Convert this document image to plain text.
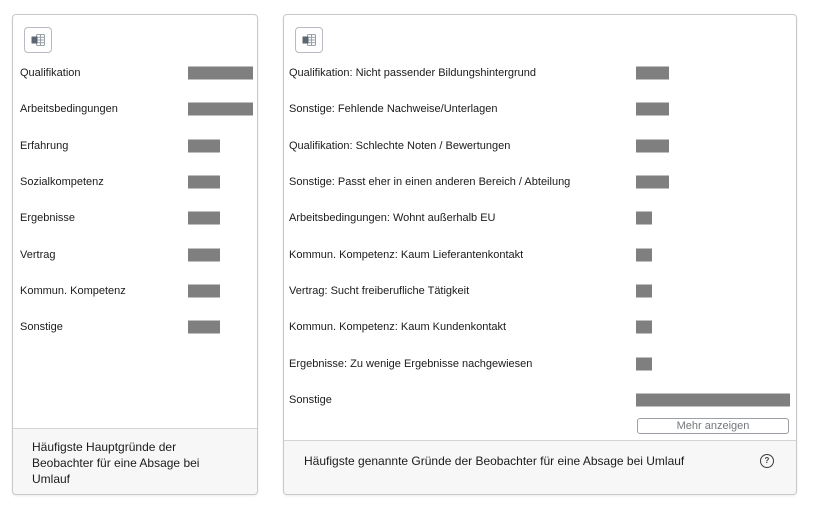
Qualifikation
Arbeitsbedingungen
Erfahrung
Sozialkompetenz
Ergebnisse
Vertrag
Kommun. Kompetenz
Sonstige
Häufigste Hauptgründe der Beobachter für eine Absage bei Umlauf
Qualifikation: Nicht passender Bildungshintergrund
Sonstige: Fehlende Nachweise/Unterlagen
Qualifikation: Schlechte Noten / Bewertungen
Sonstige: Passt eher in einen anderen Bereich / Abteilung
Arbeitsbedingungen: Wohnt außerhalb EU
Kommun. Kompetenz: Kaum Lieferantenkontakt
Vertrag: Sucht freiberufliche Tätigkeit
Kommun. Kompetenz: Kaum Kundenkontakt
Ergebnisse: Zu wenige Ergebnisse nachgewiesen
Sonstige
Mehr anzeigen
Häufigste genannte Gründe der Beobachter für eine Absage bei Umlauf	?
